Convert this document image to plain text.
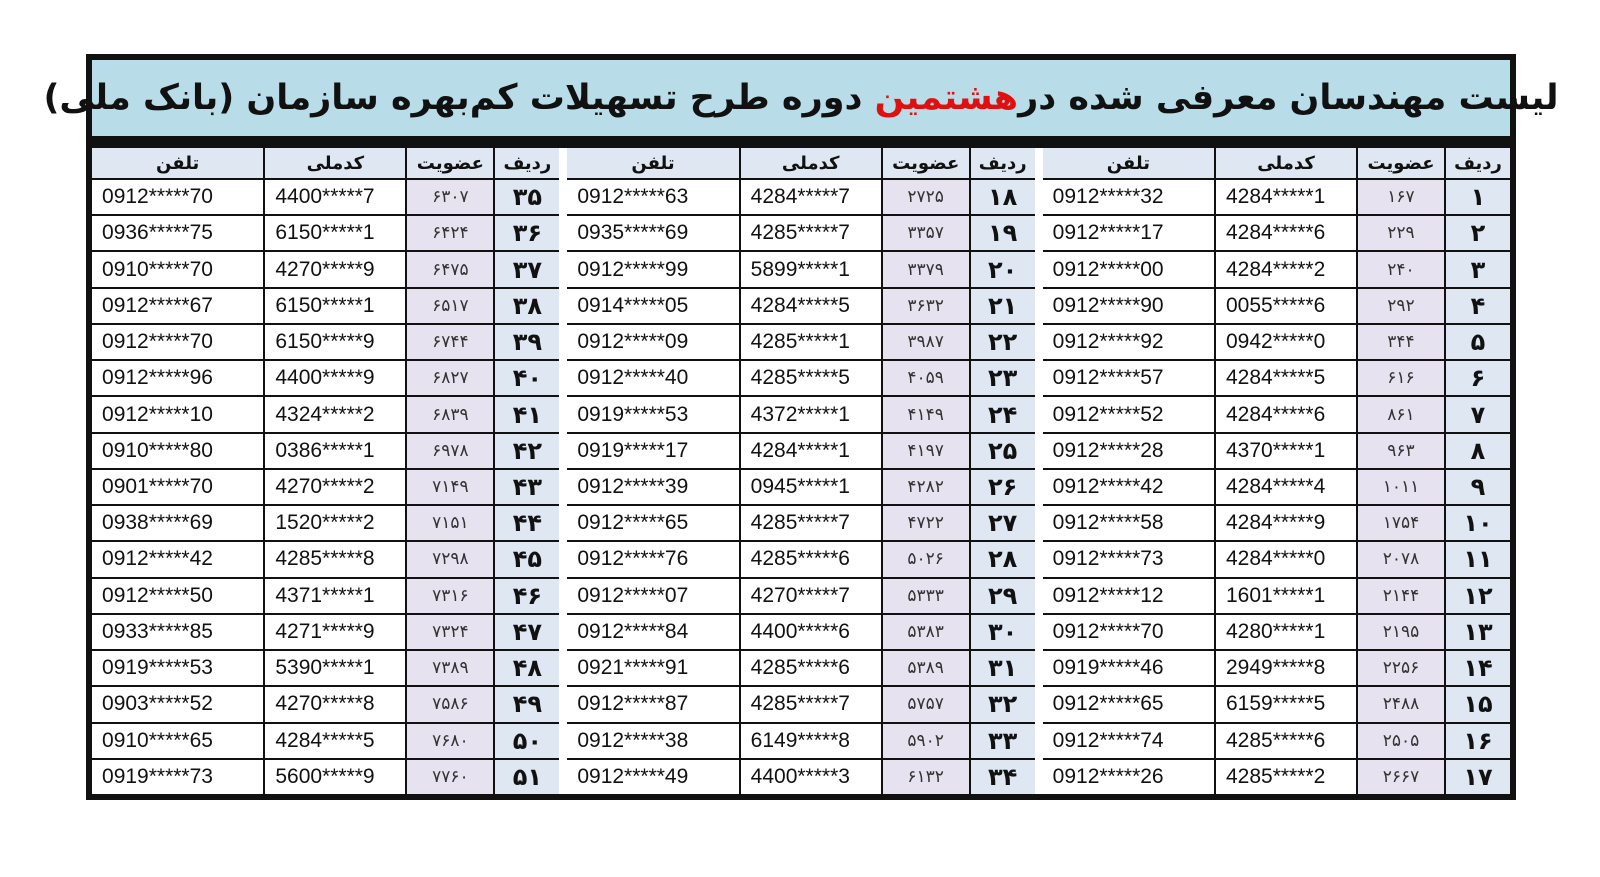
لیست مهندسان معرفی شده در
هشتمین
دوره طرح تسهیلات کم‌بهره سازمان (بانک ملی)
ردیف
عضویت
کدملی
تلفن
۱
۱۶۷
4284*****1
0912*****32
۲
۲۲۹
4284*****6
0912*****17
۳
۲۴۰
4284*****2
0912*****00
۴
۲۹۲
0055*****6
0912*****90
۵
۳۴۴
0942*****0
0912*****92
۶
۶۱۶
4284*****5
0912*****57
۷
۸۶۱
4284*****6
0912*****52
۸
۹۶۳
4370*****1
0912*****28
۹
۱۰۱۱
4284*****4
0912*****42
۱۰
۱۷۵۴
4284*****9
0912*****58
۱۱
۲۰۷۸
4284*****0
0912*****73
۱۲
۲۱۴۴
1601*****1
0912*****12
۱۳
۲۱۹۵
4280*****1
0912*****70
۱۴
۲۲۵۶
2949*****8
0919*****46
۱۵
۲۴۸۸
6159*****5
0912*****65
۱۶
۲۵۰۵
4285*****6
0912*****74
۱۷
۲۶۶۷
4285*****2
0912*****26
ردیف
عضویت
کدملی
تلفن
۱۸
۲۷۲۵
4284*****7
0912*****63
۱۹
۳۳۵۷
4285*****7
0935*****69
۲۰
۳۳۷۹
5899*****1
0912*****99
۲۱
۳۶۳۲
4284*****5
0914*****05
۲۲
۳۹۸۷
4285*****1
0912*****09
۲۳
۴۰۵۹
4285*****5
0912*****40
۲۴
۴۱۴۹
4372*****1
0919*****53
۲۵
۴۱۹۷
4284*****1
0919*****17
۲۶
۴۲۸۲
0945*****1
0912*****39
۲۷
۴۷۲۲
4285*****7
0912*****65
۲۸
۵۰۲۶
4285*****6
0912*****76
۲۹
۵۳۳۳
4270*****7
0912*****07
۳۰
۵۳۸۳
4400*****6
0912*****84
۳۱
۵۳۸۹
4285*****6
0921*****91
۳۲
۵۷۵۷
4285*****7
0912*****87
۳۳
۵۹۰۲
6149*****8
0912*****38
۳۴
۶۱۳۲
4400*****3
0912*****49
ردیف
عضویت
کدملی
تلفن
۳۵
۶۳۰۷
4400*****7
0912*****70
۳۶
۶۴۲۴
6150*****1
0936*****75
۳۷
۶۴۷۵
4270*****9
0910*****70
۳۸
۶۵۱۷
6150*****1
0912*****67
۳۹
۶۷۴۴
6150*****9
0912*****70
۴۰
۶۸۲۷
4400*****9
0912*****96
۴۱
۶۸۳۹
4324*****2
0912*****10
۴۲
۶۹۷۸
0386*****1
0910*****80
۴۳
۷۱۴۹
4270*****2
0901*****70
۴۴
۷۱۵۱
1520*****2
0938*****69
۴۵
۷۲۹۸
4285*****8
0912*****42
۴۶
۷۳۱۶
4371*****1
0912*****50
۴۷
۷۳۲۴
4271*****9
0933*****85
۴۸
۷۳۸۹
5390*****1
0919*****53
۴۹
۷۵۸۶
4270*****8
0903*****52
۵۰
۷۶۸۰
4284*****5
0910*****65
۵۱
۷۷۶۰
5600*****9
0919*****73
